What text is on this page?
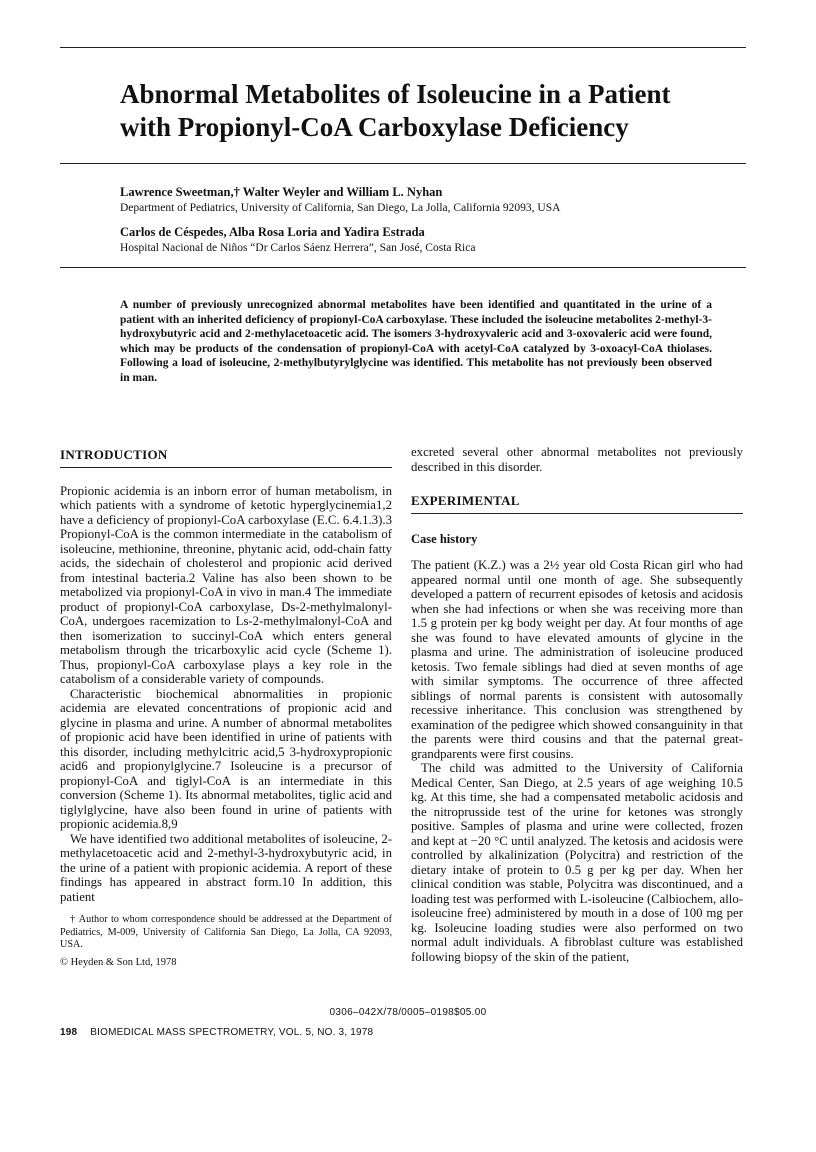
Abnormal Metabolites of Isoleucine in a Patient
with Propionyl-CoA Carboxylase Deficiency
Lawrence Sweetman,† Walter Weyler and William L. Nyhan
Department of Pediatrics, University of California, San Diego, La Jolla, California 92093, USA
Carlos de Céspedes, Alba Rosa Loria and Yadira Estrada
Hospital Nacional de Niños “Dr Carlos Sáenz Herrera”, San José, Costa Rica
A number of previously unrecognized abnormal metabolites have been identified and quantitated in the urine of a patient with an inherited deficiency of propionyl-CoA carboxylase. These included the isoleucine metabolites 2-methyl-3-hydroxybutyric acid and 2-methylacetoacetic acid. The isomers 3-hydroxyvaleric acid and 3-oxovaleric acid were found, which may be products of the condensation of propionyl-CoA with acetyl-CoA catalyzed by 3-oxoacyl-CoA thiolases. Following a load of isoleucine, 2-methylbutyrylglycine was identified. This metabolite has not previously been observed in man.
INTRODUCTION

Propionic acidemia is an inborn error of human metabolism, in which patients with a syndrome of ketotic hyperglycinemia1,2 have a deficiency of propionyl-CoA carboxylase (E.C. 6.4.1.3).3 Propionyl-CoA is the common intermediate in the catabolism of isoleucine, methionine, threonine, phytanic acid, odd-chain fatty acids, the sidechain of cholesterol and propionic acid derived from intestinal bacteria.2 Valine has also been shown to be metabolized via propionyl-CoA in vivo in man.4 The immediate product of propionyl-CoA carboxylase, Ds-2-methylmalonyl-CoA, undergoes racemization to Ls-2-methylmalonyl-CoA and then isomerization to succinyl-CoA which enters general metabolism through the tricarboxylic acid cycle (Scheme 1). Thus, propionyl-CoA carboxylase plays a key role in the catabolism of a considerable variety of compounds.

Characteristic biochemical abnormalities in propionic acidemia are elevated concentrations of propionic acid and glycine in plasma and urine. A number of abnormal metabolites of propionic acid have been identified in urine of patients with this disorder, including methylcitric acid,5 3-hydroxypropionic acid6 and propionylglycine.7 Isoleucine is a precursor of propionyl-CoA and tiglyl-CoA is an intermediate in this conversion (Scheme 1). Its abnormal metabolites, tiglic acid and tiglylglycine, have also been found in urine of patients with propionic acidemia.8,9

We have identified two additional metabolites of isoleucine, 2-methylacetoacetic acid and 2-methyl-3-hydroxybutyric acid, in the urine of a patient with propionic acidemia. A report of these findings has appeared in abstract form.10 In addition, this patient

† Author to whom correspondence should be addressed at the Department of Pediatrics, M-009, University of California San Diego, La Jolla, CA 92093, USA.

© Heyden & Son Ltd, 1978

excreted several other abnormal metabolites not previously described in this disorder.

EXPERIMENTAL
Case history

The patient (K.Z.) was a 2½ year old Costa Rican girl who had appeared normal until one month of age. She subsequently developed a pattern of recurrent episodes of ketosis and acidosis when she had infections or when she was receiving more than 1.5 g protein per kg body weight per day. At four months of age she was found to have elevated amounts of glycine in the plasma and urine. The administration of isoleucine produced ketosis. Two female siblings had died at seven months of age with similar symptoms. The occurrence of three affected siblings of normal parents is consistent with autosomally recessive inheritance. This conclusion was strengthened by examination of the pedigree which showed consanguinity in that the parents were third cousins and that the paternal great-grandparents were first cousins.

The child was admitted to the University of California Medical Center, San Diego, at 2.5 years of age weighing 10.5 kg. At this time, she had a compensated metabolic acidosis and the nitroprusside test of the urine for ketones was strongly positive. Samples of plasma and urine were collected, frozen and kept at −20 °C until analyzed. The ketosis and acidosis were controlled by alkalinization (Polycitra) and restriction of the dietary intake of protein to 0.5 g per kg per day. When her clinical condition was stable, Polycitra was discontinued, and a loading test was performed with L-isoleucine (Calbiochem, allo-isoleucine free) administered by mouth in a dose of 100 mg per kg. Isoleucine loading studies were also performed on two normal adult individuals. A fibroblast culture was established following biopsy of the skin of the patient,

0306–042X/78/0005–0198$05.00
198 BIOMEDICAL MASS SPECTROMETRY, VOL. 5, NO. 3, 1978
